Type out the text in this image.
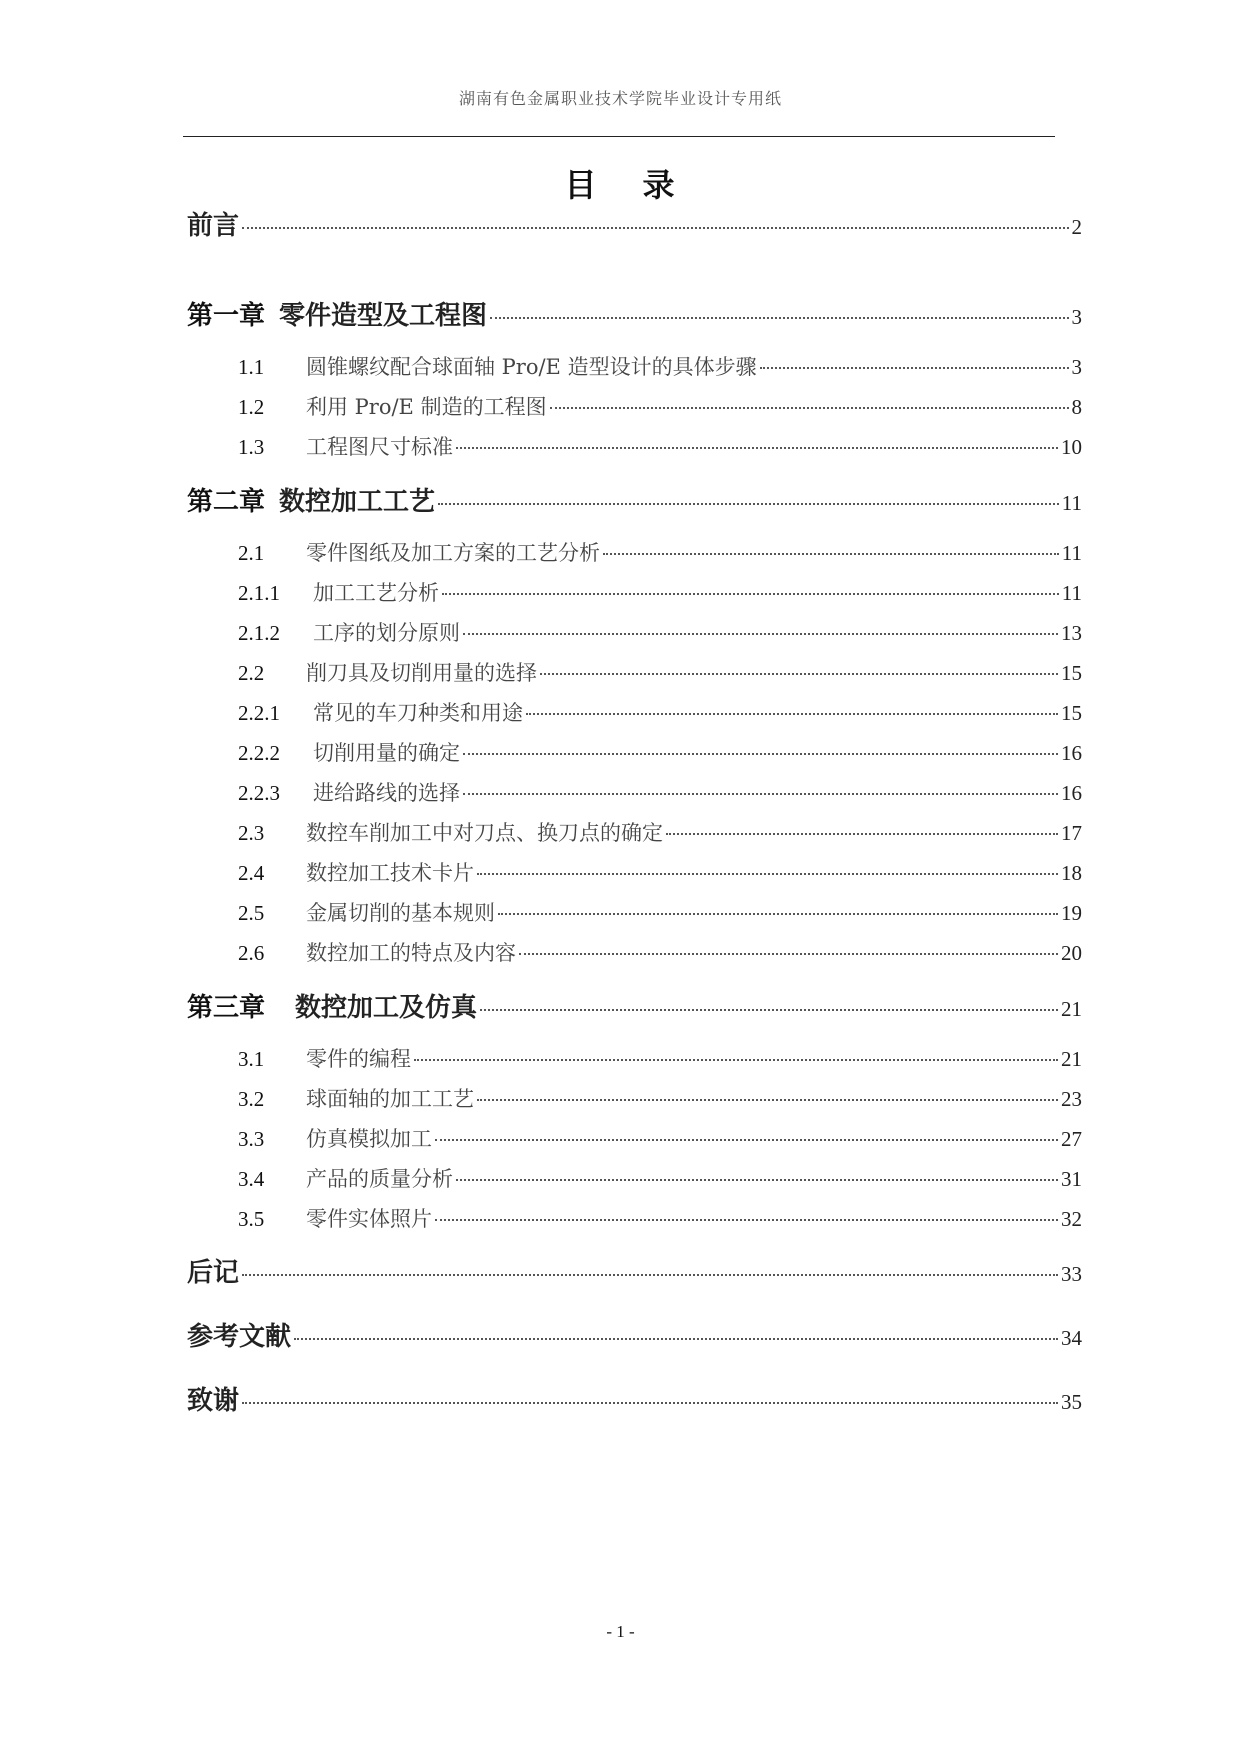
湖南有色金属职业技术学院毕业设计专用纸
目 录
前言	2
第一章 零件造型及工程图	3
1.1	圆锥螺纹配合球面轴 Pro/E 造型设计的具体步骤	3
1.2	利用 Pro/E 制造的工程图	8
1.3	工程图尺寸标准	10
第二章 数控加工工艺	11
2.1	零件图纸及加工方案的工艺分析	11
2.1.1	加工工艺分析	11
2.1.2	工序的划分原则	13
2.2	削刀具及切削用量的选择	15
2.2.1	常见的车刀种类和用途	15
2.2.2	切削用量的确定	16
2.2.3	进给路线的选择	16
2.3	数控车削加工中对刀点、换刀点的确定	17
2.4	数控加工技术卡片	18
2.5	金属切削的基本规则	19
2.6	数控加工的特点及内容	20
第三章 数控加工及仿真	21
3.1	零件的编程	21
3.2	球面轴的加工工艺	23
3.3	仿真模拟加工	27
3.4	产品的质量分析	31
3.5	零件实体照片	32
后记	33
参考文献	34
致谢	35
- 1 -
